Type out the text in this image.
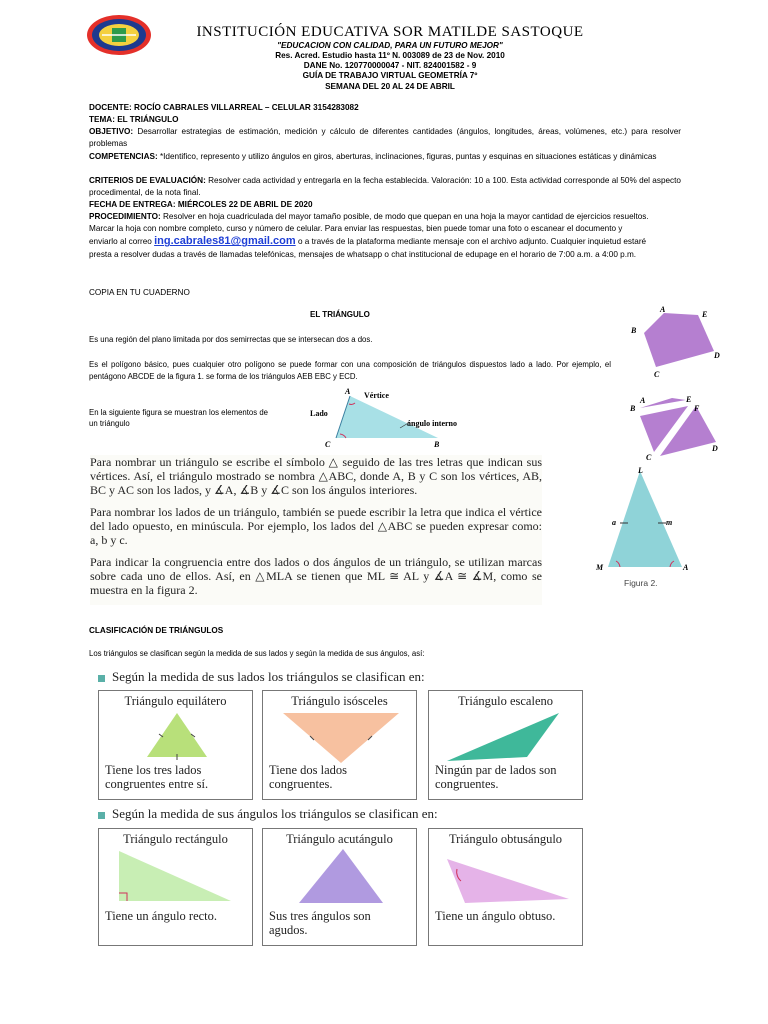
INSTITUCIÓN EDUCATIVA SOR MATILDE SASTOQUE
"EDUCACION CON CALIDAD, PARA UN FUTURO MEJOR"
Res. Acred. Estudio hasta 11º N. 003089 de 23 de Nov. 2010
DANE No. 120770000047 - NIT. 824001582 - 9
GUÍA DE TRABAJO VIRTUAL GEOMETRÍA 7º
SEMANA DEL 20 AL 24 DE ABRIL
DOCENTE: ROCÍO CABRALES VILLARREAL – CELULAR 3154283082
TEMA: EL TRIÁNGULO
OBJETIVO: Desarrollar estrategias de estimación, medición y cálculo de diferentes cantidades (ángulos, longitudes, áreas, volúmenes, etc.) para resolver problemas
COMPETENCIAS: *Identifico, represento y utilizo ángulos en giros, aberturas, inclinaciones, figuras, puntas y esquinas en situaciones estáticas y dinámicas
CRITERIOS DE EVALUACIÓN: Resolver cada actividad y entregarla en la fecha establecida. Valoración: 10 a 100. Esta actividad corresponde al 50% del aspecto procedimental, de la nota final.
FECHA DE ENTREGA: MIÉRCOLES 22 DE ABRIL DE 2020
PROCEDIMIENTO: Resolver en hoja cuadriculada del mayor tamaño posible, de modo que quepan en una hoja la mayor cantidad de ejercicios resueltos. Marcar la hoja con nombre completo, curso y número de celular. Para enviar las respuestas, bien puede tomar una foto o escanear el documento y enviarlo al correo ing.cabrales81@gmail.com o a través de la plataforma mediante mensaje con el archivo adjunto. Cualquier inquietud estaré presta a resolver dudas a través de llamadas telefónicas, mensajes de whatsapp o chat institucional de edupage en el horario de 7:00 a.m. a 4:00 p.m.
COPIA EN TU CUADERNO
EL TRIÁNGULO
Es una región del plano limitada por dos semirrectas que se intersecan dos a dos.
Es el polígono básico, pues cualquier otro polígono se puede formar con una composición de triángulos dispuestos lado a lado. Por ejemplo, el pentágono ABCDE de la figura 1. se forma de los triángulos AEB EBC y ECD.
En la siguiente figura se muestran los elementos de un triángulo
Lado
Vértice
ángulo interno
A
C	B
A
B
C
D
E
A
B
C
D
E
F

Para nombrar un triángulo se escribe el símbolo △ seguido de las tres letras que indican sus vértices. Así, el triángulo mostrado se nombra △ABC, donde A, B y C son los vértices, AB, BC y AC son los lados, y ∡A, ∡B y ∡C son los ángulos interiores.

Para nombrar los lados de un triángulo, también se puede escribir la letra que indica el vértice del lado opuesto, en minúscula. Por ejemplo, los lados del △ABC se pueden expresar como: a, b y c.

Para indicar la congruencia entre dos lados o dos ángulos de un triángulo, se utilizan marcas sobre cada uno de ellos. Así, en △MLA se tienen que ML ≅ AL y ∡A ≅ ∡M, como se muestra en la figura 2.

L
M	A
a	m
Figura 2.
CLASIFICACIÓN DE TRIÁNGULOS
Los triángulos se clasifican según la medida de sus lados y según la medida de sus ángulos, así:
Según la medida de sus lados los triángulos se clasifican en:
Triángulo equilátero
Tiene los tres lados congruentes entre sí.
Triángulo isósceles
Tiene dos lados congruentes.
Triángulo escaleno
Ningún par de lados son congruentes.
Según la medida de sus ángulos los triángulos se clasifican en:
Triángulo rectángulo
Tiene un ángulo recto.
Triángulo acutángulo
Sus tres ángulos son agudos.
Triángulo obtusángulo
Tiene un ángulo obtuso.
